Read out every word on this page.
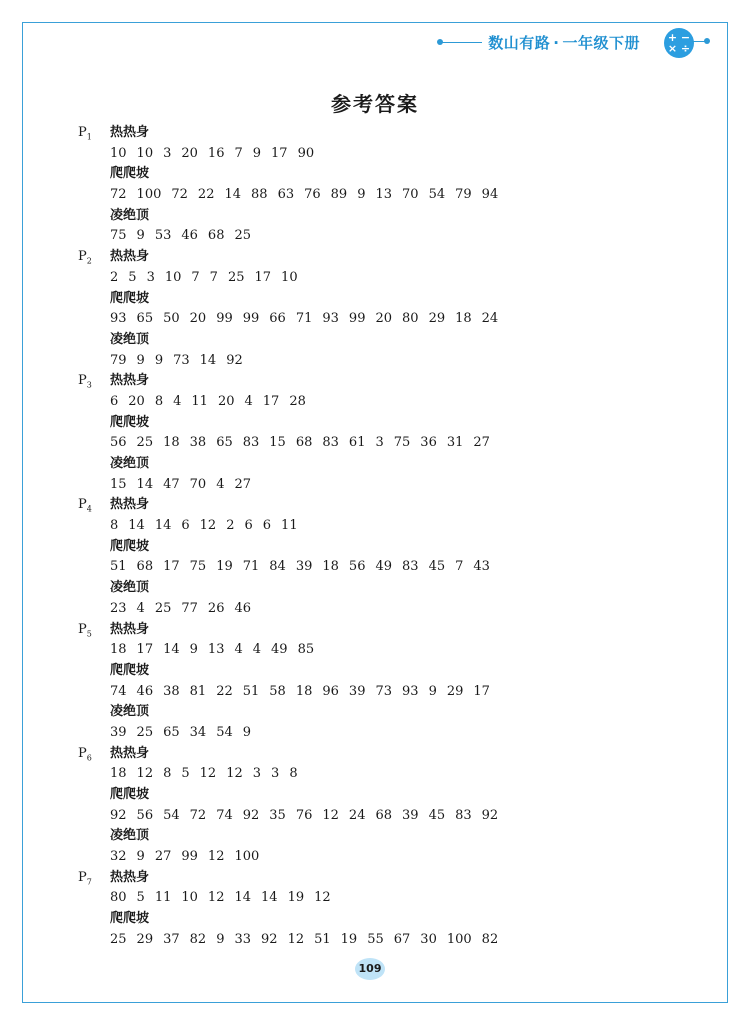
数山有路 · 一年级下册	+ −
× ÷
参考答案
$P_1$ 热热身
10 10 3 20 16 7 9 17 90
爬爬坡
72 100 72 22 14 88 63 76 89 9 13 70 54 79 94
凌绝顶
75 9 53 46 68 25
$P_2$ 热热身
2 5 3 10 7 7 25 17 10
爬爬坡
93 65 50 20 99 99 66 71 93 99 20 80 29 18 24
凌绝顶
79 9 9 73 14 92
$P_3$ 热热身
6 20 8 4 11 20 4 17 28
爬爬坡
56 25 18 38 65 83 15 68 83 61 3 75 36 31 27
凌绝顶
15 14 47 70 4 27
$P_4$ 热热身
8 14 14 6 12 2 6 6 11
爬爬坡
51 68 17 75 19 71 84 39 18 56 49 83 45 7 43
凌绝顶
23 4 25 77 26 46
$P_5$ 热热身
18 17 14 9 13 4 4 49 85
爬爬坡
74 46 38 81 22 51 58 18 96 39 73 93 9 29 17
凌绝顶
39 25 65 34 54 9
$P_6$ 热热身
18 12 8 5 12 12 3 3 8
爬爬坡
92 56 54 72 74 92 35 76 12 24 68 39 45 83 92
凌绝顶
32 9 27 99 12 100
$P_7$ 热热身
80 5 11 10 12 14 14 19 12
爬爬坡
25 29 37 82 9 33 92 12 51 19 55 67 30 100 82
109
